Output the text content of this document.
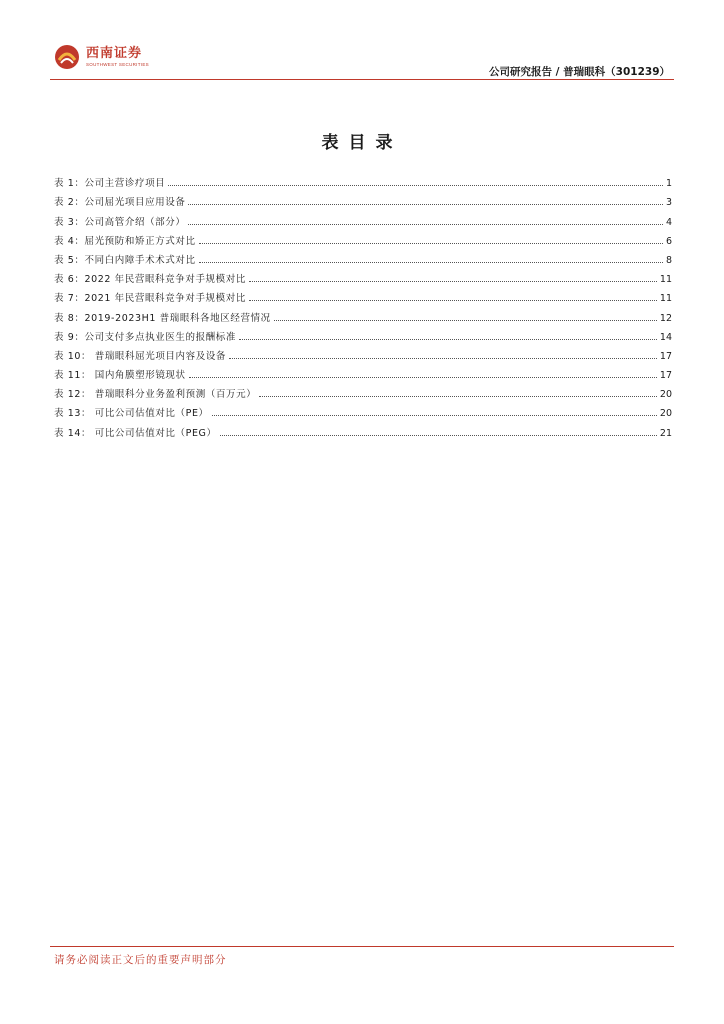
西南证券
SOUTHWEST SECURITIES
公司研究报告 / 普瑞眼科（301239）
表目录
表 1：公司主营诊疗项目	1
表 2：公司屈光项目应用设备	3
表 3：公司高管介绍（部分）	4
表 4：屈光预防和矫正方式对比	6
表 5：不同白内障手术术式对比	8
表 6：2022 年民营眼科竞争对手规模对比	11
表 7：2021 年民营眼科竞争对手规模对比	11
表 8：2019-2023H1 普瑞眼科各地区经营情况	12
表 9：公司支付多点执业医生的报酬标准	14
表 10： 普瑞眼科屈光项目内容及设备	17
表 11： 国内角膜塑形镜现状	17
表 12： 普瑞眼科分业务盈利预测（百万元）	20
表 13： 可比公司估值对比（PE）	20
表 14： 可比公司估值对比（PEG）	21
请务必阅读正文后的重要声明部分
